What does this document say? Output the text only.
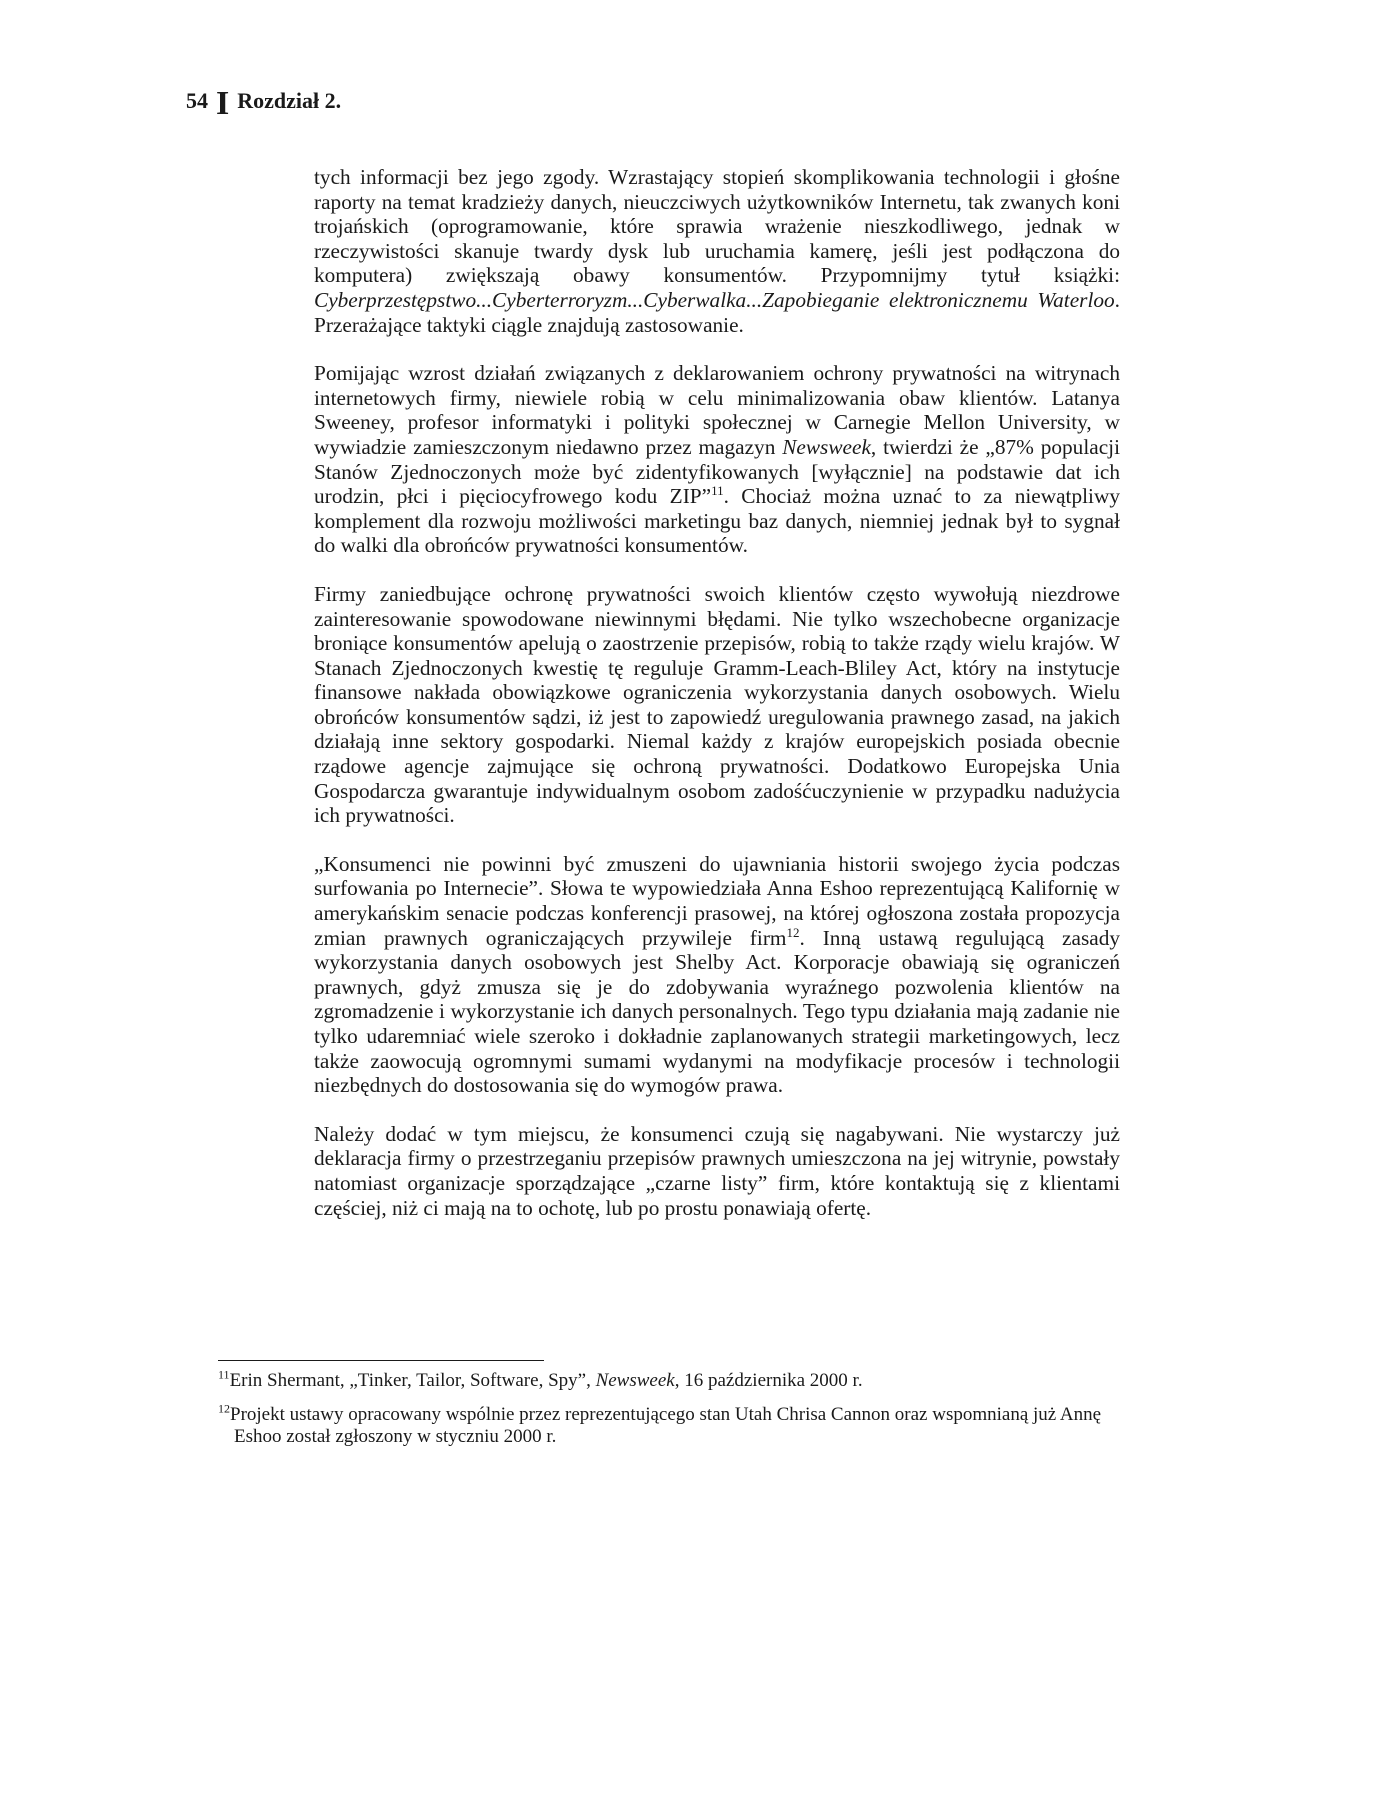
54 I Rozdział 2.

tych informacji bez jego zgody. Wzrastający stopień skomplikowania technologii i głośne raporty na temat kradzieży danych, nieuczciwych użytkowników Internetu, tak zwanych koni trojańskich (oprogramowanie, które sprawia wrażenie nieszkodliwego, jednak w rzeczywistości skanuje twardy dysk lub uruchamia kamerę, jeśli jest podłączona do komputera) zwiększają obawy konsumentów. Przypomnijmy tytuł książki: Cyberprzestępstwo...Cyberterroryzm...Cyberwalka...Zapobieganie elektronicznemu Waterloo. Przerażające taktyki ciągle znajdują zastosowanie.

Pomijając wzrost działań związanych z deklarowaniem ochrony prywatności na witrynach internetowych firmy, niewiele robią w celu minimalizowania obaw klientów. Latanya Sweeney, profesor informatyki i polityki społecznej w Carnegie Mellon University, w wywiadzie zamieszczonym niedawno przez magazyn Newsweek, twierdzi że „87% populacji Stanów Zjednoczonych może być zidentyfikowanych [wyłącznie] na podstawie dat ich urodzin, płci i pięciocyfrowego kodu ZIP”$^{11}$. Chociaż można uznać to za niewątpliwy komplement dla rozwoju możliwości marketingu baz danych, niemniej jednak był to sygnał do walki dla obrońców prywatności konsumentów.

Firmy zaniedbujące ochronę prywatności swoich klientów często wywołują niezdrowe zainteresowanie spowodowane niewinnymi błędami. Nie tylko wszechobecne organizacje broniące konsumentów apelują o zaostrzenie przepisów, robią to także rządy wielu krajów. W Stanach Zjednoczonych kwestię tę reguluje Gramm-Leach-Bliley Act, który na instytucje finansowe nakłada obowiązkowe ograniczenia wykorzystania danych osobowych. Wielu obrońców konsumentów sądzi, iż jest to zapowiedź uregulowania prawnego zasad, na jakich działają inne sektory gospodarki. Niemal każdy z krajów europejskich posiada obecnie rządowe agencje zajmujące się ochroną prywatności. Dodatkowo Europejska Unia Gospodarcza gwarantuje indywidualnym osobom zadośćuczynienie w przypadku nadużycia ich prywatności.

„Konsumenci nie powinni być zmuszeni do ujawniania historii swojego życia podczas surfowania po Internecie”. Słowa te wypowiedziała Anna Eshoo reprezentującą Kalifornię w amerykańskim senacie podczas konferencji prasowej, na której ogłoszona została propozycja zmian prawnych ograniczających przywileje firm$^{12}$. Inną ustawą regulującą zasady wykorzystania danych osobowych jest Shelby Act. Korporacje obawiają się ograniczeń prawnych, gdyż zmusza się je do zdobywania wyraźnego pozwolenia klientów na zgromadzenie i wykorzystanie ich danych personalnych. Tego typu działania mają zadanie nie tylko udaremniać wiele szeroko i dokładnie zaplanowanych strategii marketingowych, lecz także zaowocują ogromnymi sumami wydanymi na modyfikacje procesów i technologii niezbędnych do dostosowania się do wymogów prawa.

Należy dodać w tym miejscu, że konsumenci czują się nagabywani. Nie wystarczy już deklaracja firmy o przestrzeganiu przepisów prawnych umieszczona na jej witrynie, powstały natomiast organizacje sporządzające „czarne listy” firm, które kontaktują się z klientami częściej, niż ci mają na to ochotę, lub po prostu ponawiają ofertę.

$^{11}$Erin Shermant, „Tinker, Tailor, Software, Spy”, Newsweek, 16 października 2000 r.
$^{12}$Projekt ustawy opracowany wspólnie przez reprezentującego stan Utah Chrisa Cannon oraz wspomnianą już Annę Eshoo został zgłoszony w styczniu 2000 r.
